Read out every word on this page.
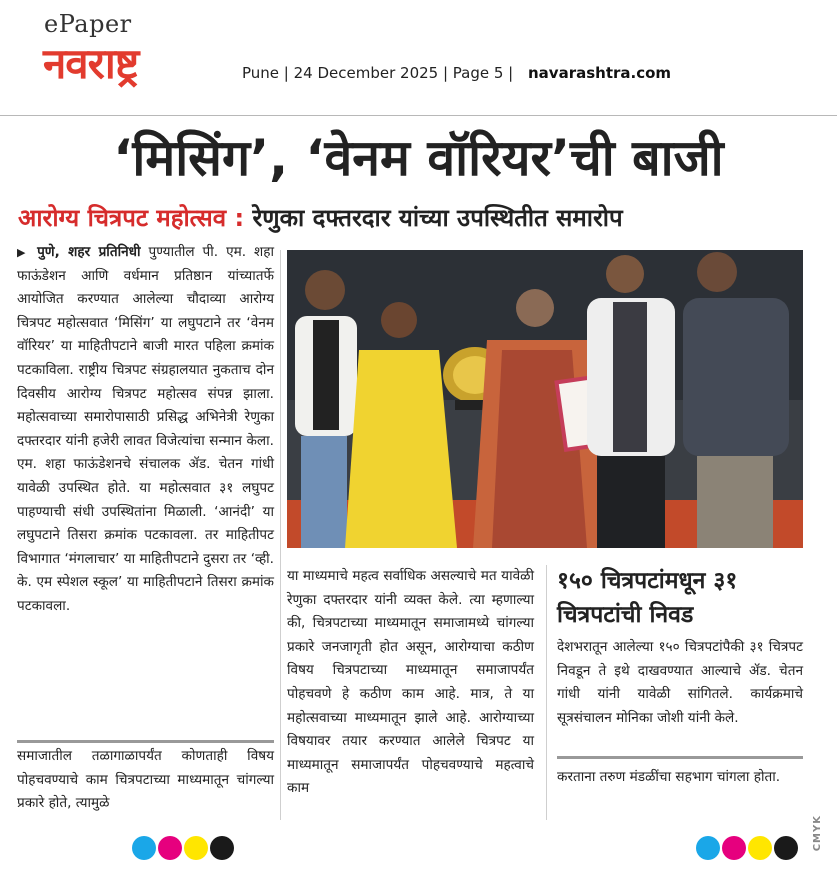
ePaper
नवराष्ट्र	Pune | 24 December 2025 | Page 5 | navarashtra.com
‘मिसिंग’, ‘वेनम वॉरियर’ची बाजी
आरोग्य चित्रपट महोत्सव : रेणुका दफ्तरदार यांच्या उपस्थितीत समारोप
▶ पुणे, शहर प्रतिनिधी पुण्यातील पी. एम. शहा फाऊंडेशन आणि वर्धमान प्रतिष्ठान यांच्यातर्फे आयोजित करण्यात आलेल्या चौदाव्या आरोग्य चित्रपट महोत्सवात ‘मिसिंग’ या लघुपटाने तर ‘वेनम वॉरियर’ या माहितीपटाने बाजी मारत पहिला क्रमांक पटकाविला. राष्ट्रीय चित्रपट संग्रहालयात नुकताच दोन दिवसीय आरोग्य चित्रपट महोत्सव संपन्न झाला. महोत्सवाच्या समारोपासाठी प्रसिद्ध अभिनेत्री रेणुका दफ्तरदार यांनी हजेरी लावत विजेत्यांचा सन्मान केला. एम. शहा फाऊंडेशनचे संचालक ॲड. चेतन गांधी यावेळी उपस्थित होते. या महोत्सवात ३१ लघुपट पाहण्याची संधी उपस्थितांना मिळाली. ‘आनंदी’ या लघुपटाने तिसरा क्रमांक पटकावला. तर माहितीपट विभागात ‘मंगलाचार’ या माहितीपटाने दुसरा तर ‘व्ही. के. एम स्पेशल स्कूल’ या माहितीपटाने तिसरा क्रमांक पटकावला.
समाजातील तळागाळापर्यंत कोणताही विषय पोहचवण्याचे काम चित्रपटाच्या माध्यमातून चांगल्या प्रकारे होते, त्यामुळे
या माध्यमाचे महत्व सर्वाधिक असल्याचे मत यावेळी रेणुका दफ्तरदार यांनी व्यक्त केले. त्या म्हणाल्या की, चित्रपटाच्या माध्यमातून समाजामध्ये चांगल्या प्रकारे जनजागृती होत असून, आरोग्याचा कठीण विषय चित्रपटाच्या माध्यमातून समाजापर्यंत पोहचवणे हे कठीण काम आहे. मात्र, ते या महोत्सवाच्या माध्यमातून झाले आहे. आरोग्याच्या विषयावर तयार करण्यात आलेले चित्रपट या माध्यमातून समाजापर्यंत पोहचवण्याचे महत्वाचे काम
१५० चित्रपटांमधून ३१ चित्रपटांची निवड
देशभरातून आलेल्या १५० चित्रपटांपैकी ३१ चित्रपट निवडून ते इथे दाखवण्यात आल्याचे ॲड. चेतन गांधी यांनी यावेळी सांगितले. कार्यक्रमाचे सूत्रसंचालन मोनिका जोशी यांनी केले.
करताना तरुण मंडळींचा सहभाग चांगला होता.
CMYK
